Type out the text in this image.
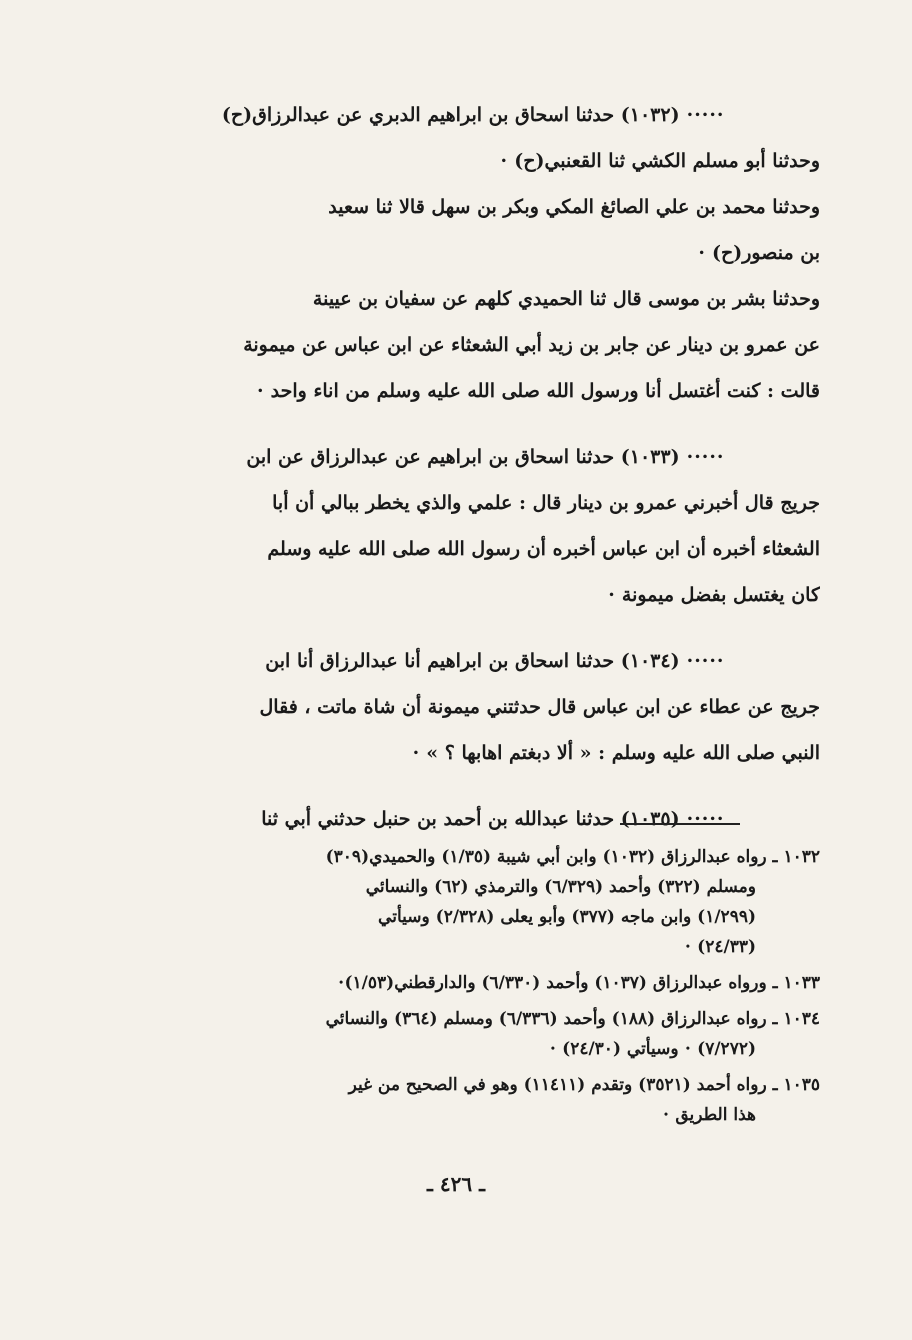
⋅⋅⋅⋅⋅ (١٠٣٢) حدثنا اسحاق بن ابراهيم الدبري عن عبدالرزاق(ح)
وحدثنا أبو مسلم الكشي ثنا القعنبي(ح) ⋅
وحدثنا محمد بن علي الصائغ المكي وبكر بن سهل قالا ثنا سعيد
بن منصور(ح) ⋅
وحدثنا بشر بن موسى قال ثنا الحميدي كلهم عن سفيان بن عيينة
عن عمرو بن دينار عن جابر بن زيد أبي الشعثاء عن ابن عباس عن ميمونة
قالت : كنت أغتسل أنا ورسول الله صلى الله عليه وسلم من اناء واحد ⋅
⋅⋅⋅⋅⋅ (١٠٣٣) حدثنا اسحاق بن ابراهيم عن عبدالرزاق عن ابن
جريج قال أخبرني عمرو بن دينار قال : علمي والذي يخطر ببالي أن أبا
الشعثاء أخبره أن ابن عباس أخبره أن رسول الله صلى الله عليه وسلم
كان يغتسل بفضل ميمونة ⋅
⋅⋅⋅⋅⋅ (١٠٣٤) حدثنا اسحاق بن ابراهيم أنا عبدالرزاق أنا ابن
جريج عن عطاء عن ابن عباس قال حدثتني ميمونة أن شاة ماتت ، فقال
النبي صلى الله عليه وسلم : « ألا دبغتم اهابها ؟ » ⋅
⋅⋅⋅⋅⋅ (١٠٣٥) حدثنا عبدالله بن أحمد بن حنبل حدثني أبي ثنا
١٠٣٢ ـ رواه عبدالرزاق (١٠٣٢) وابن أبي شيبة (١/٣٥) والحميدي(٣٠٩)
ومسلم (٣٢٢) وأحمد (٦/٣٢٩) والترمذي (٦٢) والنسائي
(١/٢٩٩) وابن ماجه (٣٧٧) وأبو يعلى (٢/٣٢٨) وسيأتي
(٢٤/٣٣) ⋅
١٠٣٣ ـ ورواه عبدالرزاق (١٠٣٧) وأحمد (٦/٣٣٠) والدارقطني(١/٥٣)⋅
١٠٣٤ ـ رواه عبدالرزاق (١٨٨) وأحمد (٦/٣٣٦) ومسلم (٣٦٤) والنسائي
(٧/٢٧٢) ⋅ وسيأتي (٢٤/٣٠) ⋅
١٠٣٥ ـ رواه أحمد (٣٥٢١) وتقدم (١١٤١١) وهو في الصحيح من غير
هذا الطريق ⋅
ـ ٤٢٦ ـ
